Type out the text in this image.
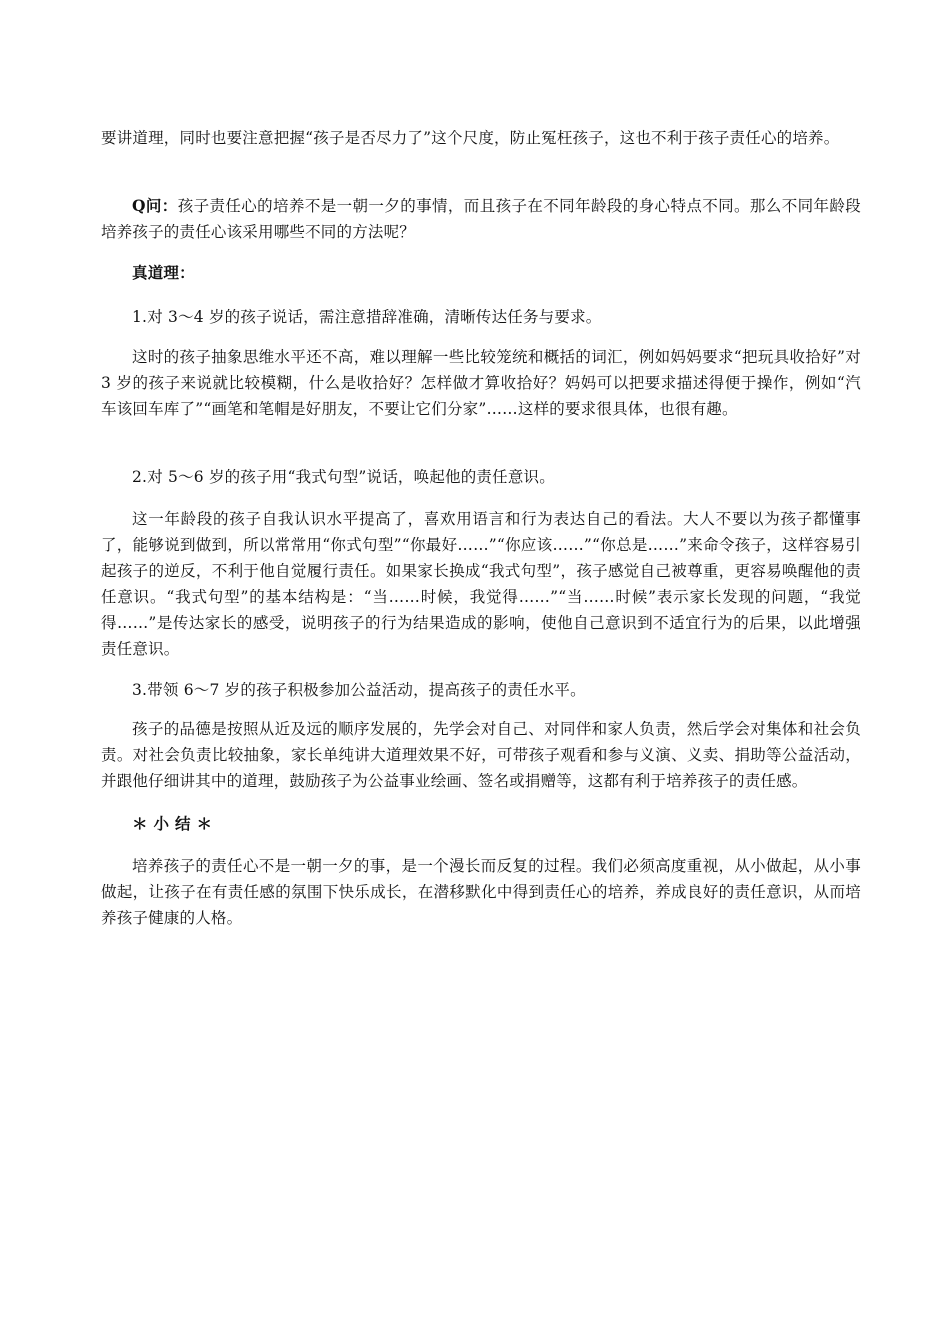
要讲道理，同时也要注意把握“孩子是否尽力了”这个尺度，防止冤枉孩子，这也不利于孩子责任心的培养。

Q问：孩子责任心的培养不是一朝一夕的事情，而且孩子在不同年龄段的身心特点不同。那么不同年龄段培养孩子的责任心该采用哪些不同的方法呢？

真道理：

1.对 3～4 岁的孩子说话，需注意措辞准确，清晰传达任务与要求。

这时的孩子抽象思维水平还不高，难以理解一些比较笼统和概括的词汇，例如妈妈要求“把玩具收拾好”对 3 岁的孩子来说就比较模糊，什么是收拾好？怎样做才算收拾好？妈妈可以把要求描述得便于操作，例如“汽车该回车库了”“画笔和笔帽是好朋友，不要让它们分家”……这样的要求很具体，也很有趣。

2.对 5～6 岁的孩子用“我式句型”说话，唤起他的责任意识。

这一年龄段的孩子自我认识水平提高了，喜欢用语言和行为表达自己的看法。大人不要以为孩子都懂事了，能够说到做到，所以常常用“你式句型”“你最好……”“你应该……”“你总是……”来命令孩子，这样容易引起孩子的逆反，不利于他自觉履行责任。如果家长换成“我式句型”，孩子感觉自己被尊重，更容易唤醒他的责任意识。“我式句型”的基本结构是：“当……时候，我觉得……”“当……时候”表示家长发现的问题，“我觉得……”是传达家长的感受，说明孩子的行为结果造成的影响，使他自己意识到不适宜行为的后果，以此增强责任意识。

3.带领 6～7 岁的孩子积极参加公益活动，提高孩子的责任水平。

孩子的品德是按照从近及远的顺序发展的，先学会对自己、对同伴和家人负责，然后学会对集体和社会负责。对社会负责比较抽象，家长单纯讲大道理效果不好，可带孩子观看和参与义演、义卖、捐助等公益活动，并跟他仔细讲其中的道理，鼓励孩子为公益事业绘画、签名或捐赠等，这都有利于培养孩子的责任感。

＊小结＊

培养孩子的责任心不是一朝一夕的事，是一个漫长而反复的过程。我们必须高度重视，从小做起，从小事做起，让孩子在有责任感的氛围下快乐成长，在潜移默化中得到责任心的培养，养成良好的责任意识，从而培养孩子健康的人格。
